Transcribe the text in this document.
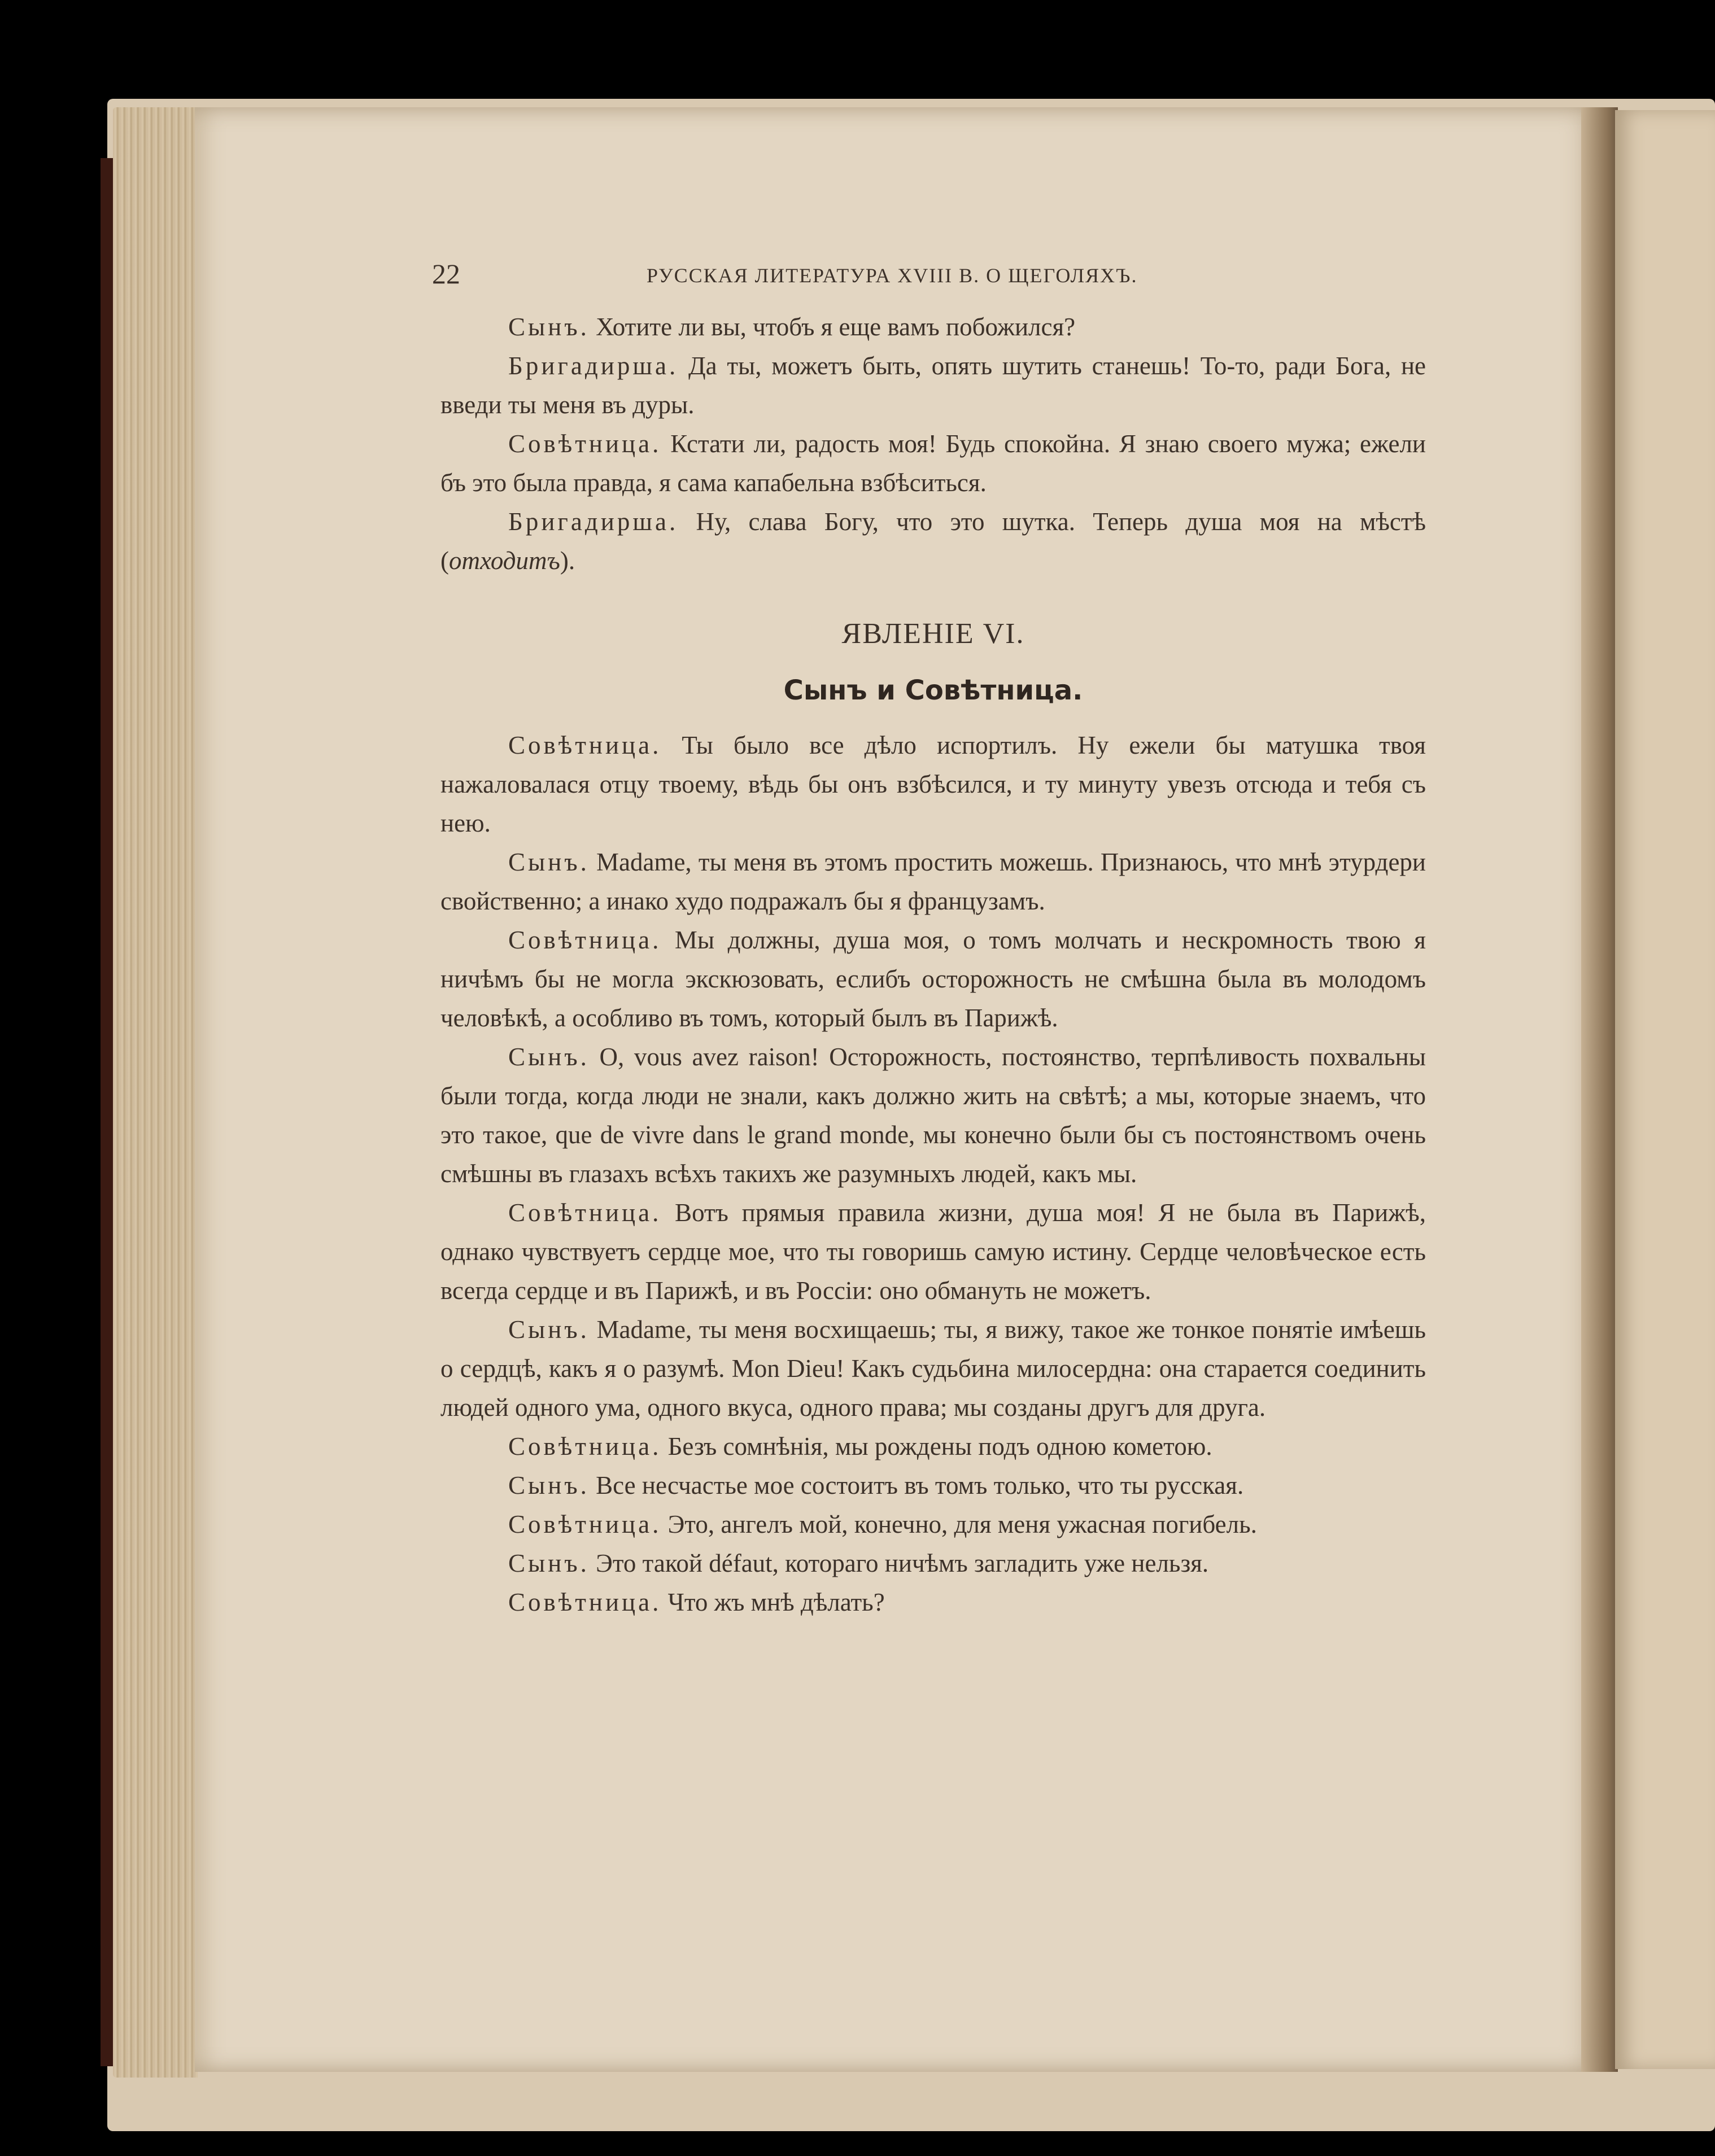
22	РУССКАЯ ЛИТЕРАТУРА XVIII В. О ЩЕГОЛЯХЪ.

Сынъ. Хотите ли вы, чтобъ я еще вамъ побожился?

Бригадирша. Да ты, можетъ быть, опять шутить станешь! То-то, ради Бога, не введи ты меня въ дуры.

Совѣтница. Кстати ли, радость моя! Будь спокойна. Я знаю своего мужа; ежели бъ это была правда, я сама капабельна взбѣситься.

Бригадирша. Ну, слава Богу, что это шутка. Теперь душа моя на мѣстѣ (отходитъ).

ЯВЛЕНІЕ VI.
Сынъ и Совѣтница.

Совѣтница. Ты было все дѣло испортилъ. Ну ежели бы матушка твоя нажаловалася отцу твоему, вѣдь бы онъ взбѣсился, и ту минуту увезъ отсюда и тебя съ нею.

Сынъ. Madame, ты меня въ этомъ простить можешь. Признаюсь, что мнѣ этурдери свойственно; а инако худо подражалъ бы я французамъ.

Совѣтница. Мы должны, душа моя, о томъ молчать и нескромность твою я ничѣмъ бы не могла экскюзовать, еслибъ осторожность не смѣшна была въ молодомъ человѣкѣ, а особливо въ томъ, который былъ въ Парижѣ.

Сынъ. О, vous avez raison! Осторожность, постоянство, терпѣливость похвальны были тогда, когда люди не знали, какъ должно жить на свѣтѣ; а мы, которые знаемъ, что это такое, que de vivre dans le grand monde, мы конечно были бы съ постоянствомъ очень смѣшны въ глазахъ всѣхъ такихъ же разумныхъ людей, какъ мы.

Совѣтница. Вотъ прямыя правила жизни, душа моя! Я не была въ Парижѣ, однако чувствуетъ сердце мое, что ты говоришь самую истину. Сердце человѣческое есть всегда сердце и въ Парижѣ, и въ Россіи: оно обмануть не можетъ.

Сынъ. Madame, ты меня восхищаешь; ты, я вижу, такое же тонкое понятіе имѣешь о сердцѣ, какъ я о разумѣ. Mon Dieu! Какъ судьбина милосердна: она старается соединить людей одного ума, одного вкуса, одного права; мы созданы другъ для друга.

Совѣтница. Безъ сомнѣнія, мы рождены подъ одною кометою.

Сынъ. Все несчастье мое состоитъ въ томъ только, что ты русская.

Совѣтница. Это, ангелъ мой, конечно, для меня ужасная погибель.

Сынъ. Это такой défaut, котораго ничѣмъ загладить уже нельзя.

Совѣтница. Что жъ мнѣ дѣлать?
